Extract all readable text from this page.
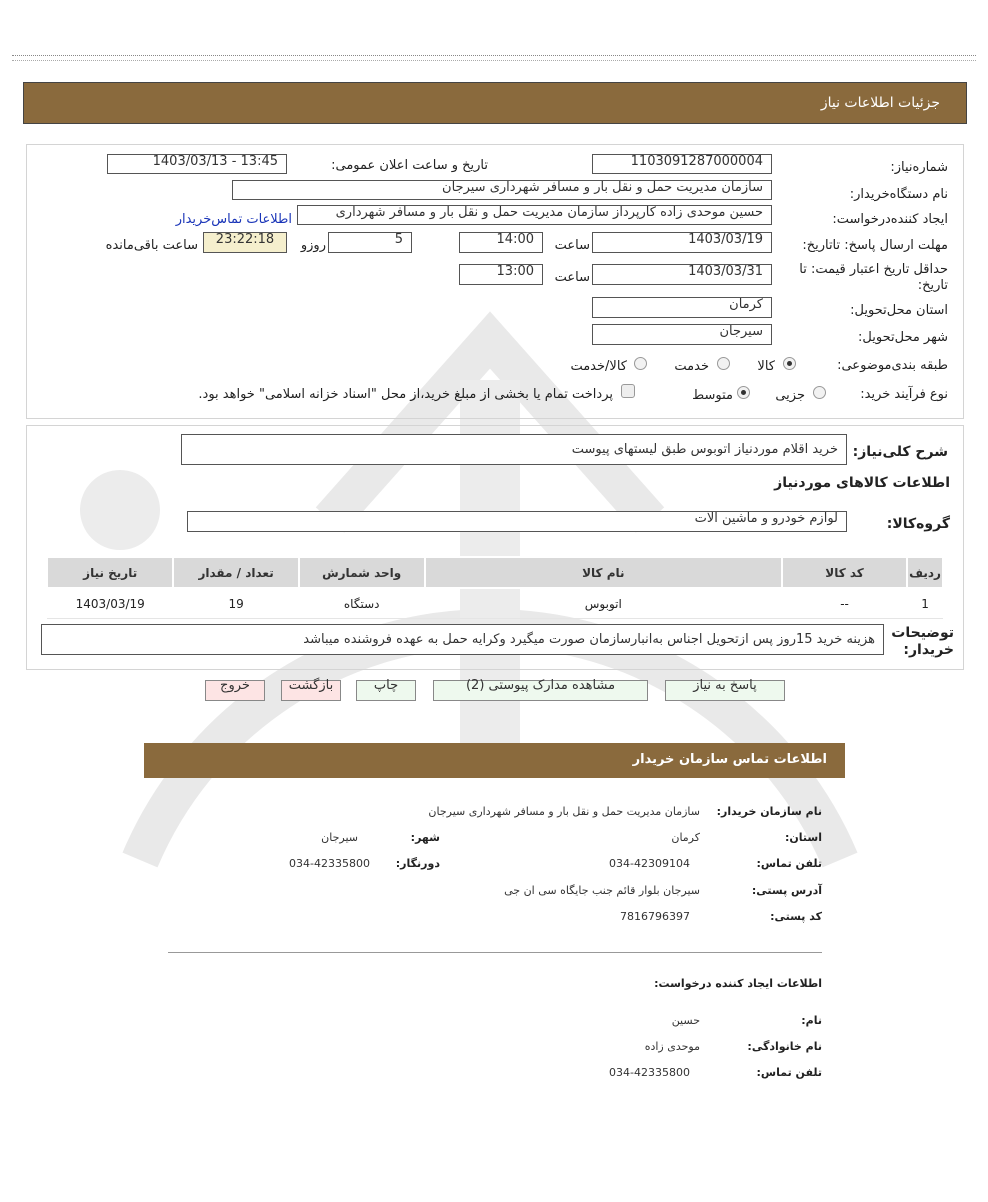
جزئیات اطلاعات نیاز
شماره‌نیاز:
1103091287000004
تاریخ و ساعت اعلان عمومی:
1403/03/13 - 13:45
نام دستگاه‌خریدار:
سازمان مدیریت حمل و نقل بار و مسافر شهرداری سیرجان
ایجاد کننده‌درخواست:
حسین موحدی زاده کارپرداز سازمان مدیریت حمل و نقل بار و مسافر شهرداری
اطلاعات تماس‌خریدار
مهلت ارسال پاسخ: تاتاریخ:
1403/03/19
ساعت
14:00
5
روزو
23:22:18
ساعت باقی‌مانده
حداقل تاریخ اعتبار قیمت: تا تاریخ:
1403/03/31
ساعت
13:00
استان محل‌تحویل:
کرمان
شهر محل‌تحویل:
سیرجان
طبقه بندی‌موضوعی:
کالا
خدمت
کالا/خدمت
نوع فرآیند خرید:
جزیی
متوسط
پرداخت تمام یا بخشی از مبلغ خرید،از محل "اسناد خزانه اسلامی" خواهد بود.
شرح کلی‌نیاز:
خرید اقلام موردنیاز اتوبوس طبق لیستهای پیوست
اطلاعات کالاهای موردنیاز
گروه‌کالا:
لوازم خودرو و ماشین آلات
ردیف	کد کالا	نام کالا	واحد شمارش	تعداد / مقدار	تاریخ نیاز
1	--	اتوبوس	دستگاه	19	1403/03/19
توضیحات خریدار:
هزینه خرید 15روز پس ازتحویل اجناس به‌انبارسازمان صورت میگیرد وکرایه حمل به عهده فروشنده میباشد
پاسخ به نیاز
مشاهده مدارک پیوستی (2)
چاپ
بازگشت
خروج
اطلاعات تماس سازمان خریدار
نام سازمان خریدار:
سازمان مدیریت حمل و نقل بار و مسافر شهرداری سیرجان
استان:
کرمان
شهر:
سیرجان
تلفن تماس:
034-42309104
دورنگار:
034-42335800
آدرس پستی:
سیرجان بلوار قائم جنب جایگاه سی ان جی
کد پستی:
7816796397
اطلاعات ایجاد کننده درخواست:
نام:
حسین
نام خانوادگی:
موحدی زاده
تلفن تماس:
034-42335800
